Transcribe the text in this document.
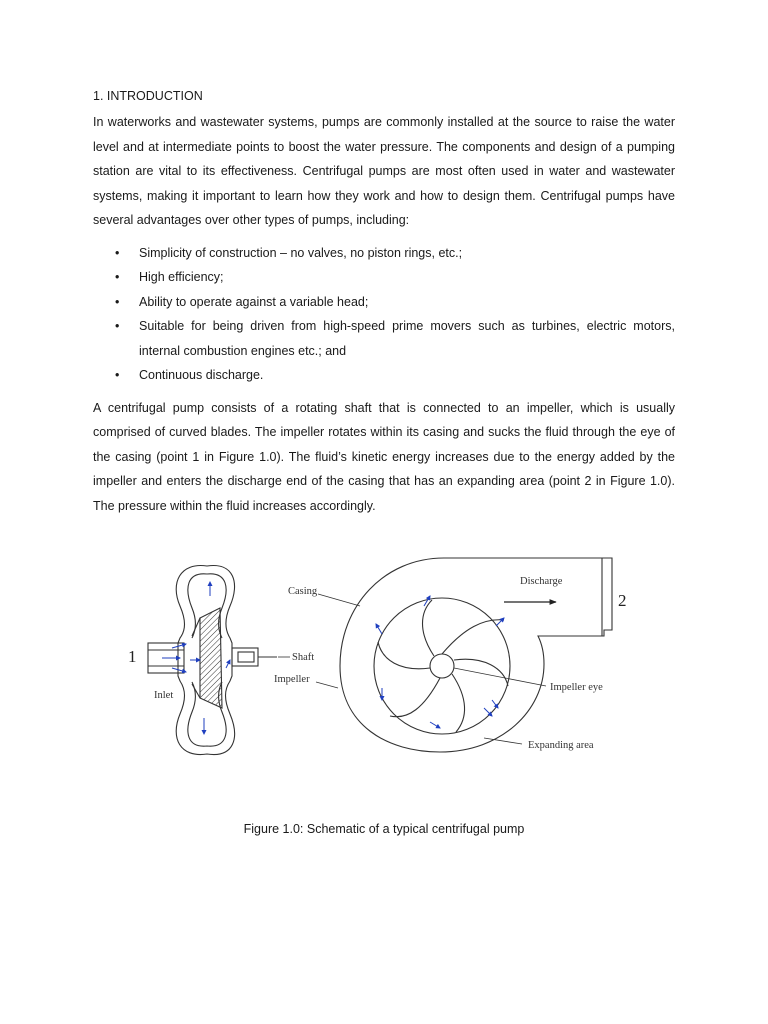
1. INTRODUCTION

In waterworks and wastewater systems, pumps are commonly installed at the source to raise the water level and at intermediate points to boost the water pressure. The components and design of a pumping station are vital to its effectiveness. Centrifugal pumps are most often used in water and wastewater systems, making it important to learn how they work and how to design them. Centrifugal pumps have several advantages over other types of pumps, including:

• Simplicity of construction – no valves, no piston rings, etc.;
• High efficiency;
• Ability to operate against a variable head;
• Suitable for being driven from high-speed prime movers such as turbines, electric motors, internal combustion engines etc.; and
• Continuous discharge.

A centrifugal pump consists of a rotating shaft that is connected to an impeller, which is usually comprised of curved blades. The impeller rotates within its casing and sucks the fluid through the eye of the casing (point 1 in Figure 1.0). The fluid’s kinetic energy increases due to the energy added by the impeller and enters the discharge end of the casing that has an expanding area (point 2 in Figure 1.0). The pressure within the fluid increases accordingly.

1
2
Inlet
Shaft
Impeller
Casing
Discharge
Impeller eye
Expanding area
Figure 1.0: Schematic of a typical centrifugal pump
